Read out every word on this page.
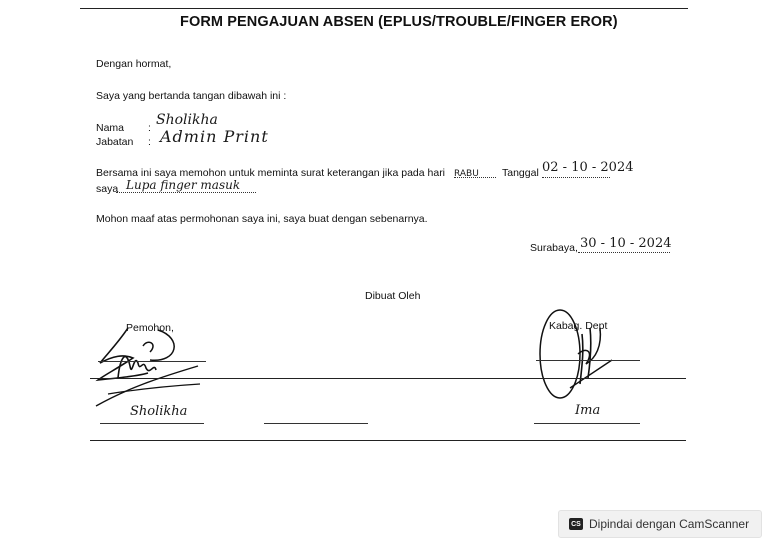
FORM PENGAJUAN ABSEN (EPLUS/TROUBLE/FINGER EROR)
Dengan hormat,
Saya yang bertanda tangan dibawah ini :
Nama : Sholikha
Jabatan : Admin Print
Bersama ini saya memohon untuk meminta surat keterangan jika pada hari RABU	Tanggal 02 - 10 - 2024
saya Lupa finger masuk
Mohon maaf atas permohonan saya ini, saya buat dengan sebenarnya.
Surabaya, 30 - 10 - 2024
Dibuat Oleh
Pemohon,	Kabag. Dept
Sholikha	Ima
CS Dipindai dengan CamScanner
